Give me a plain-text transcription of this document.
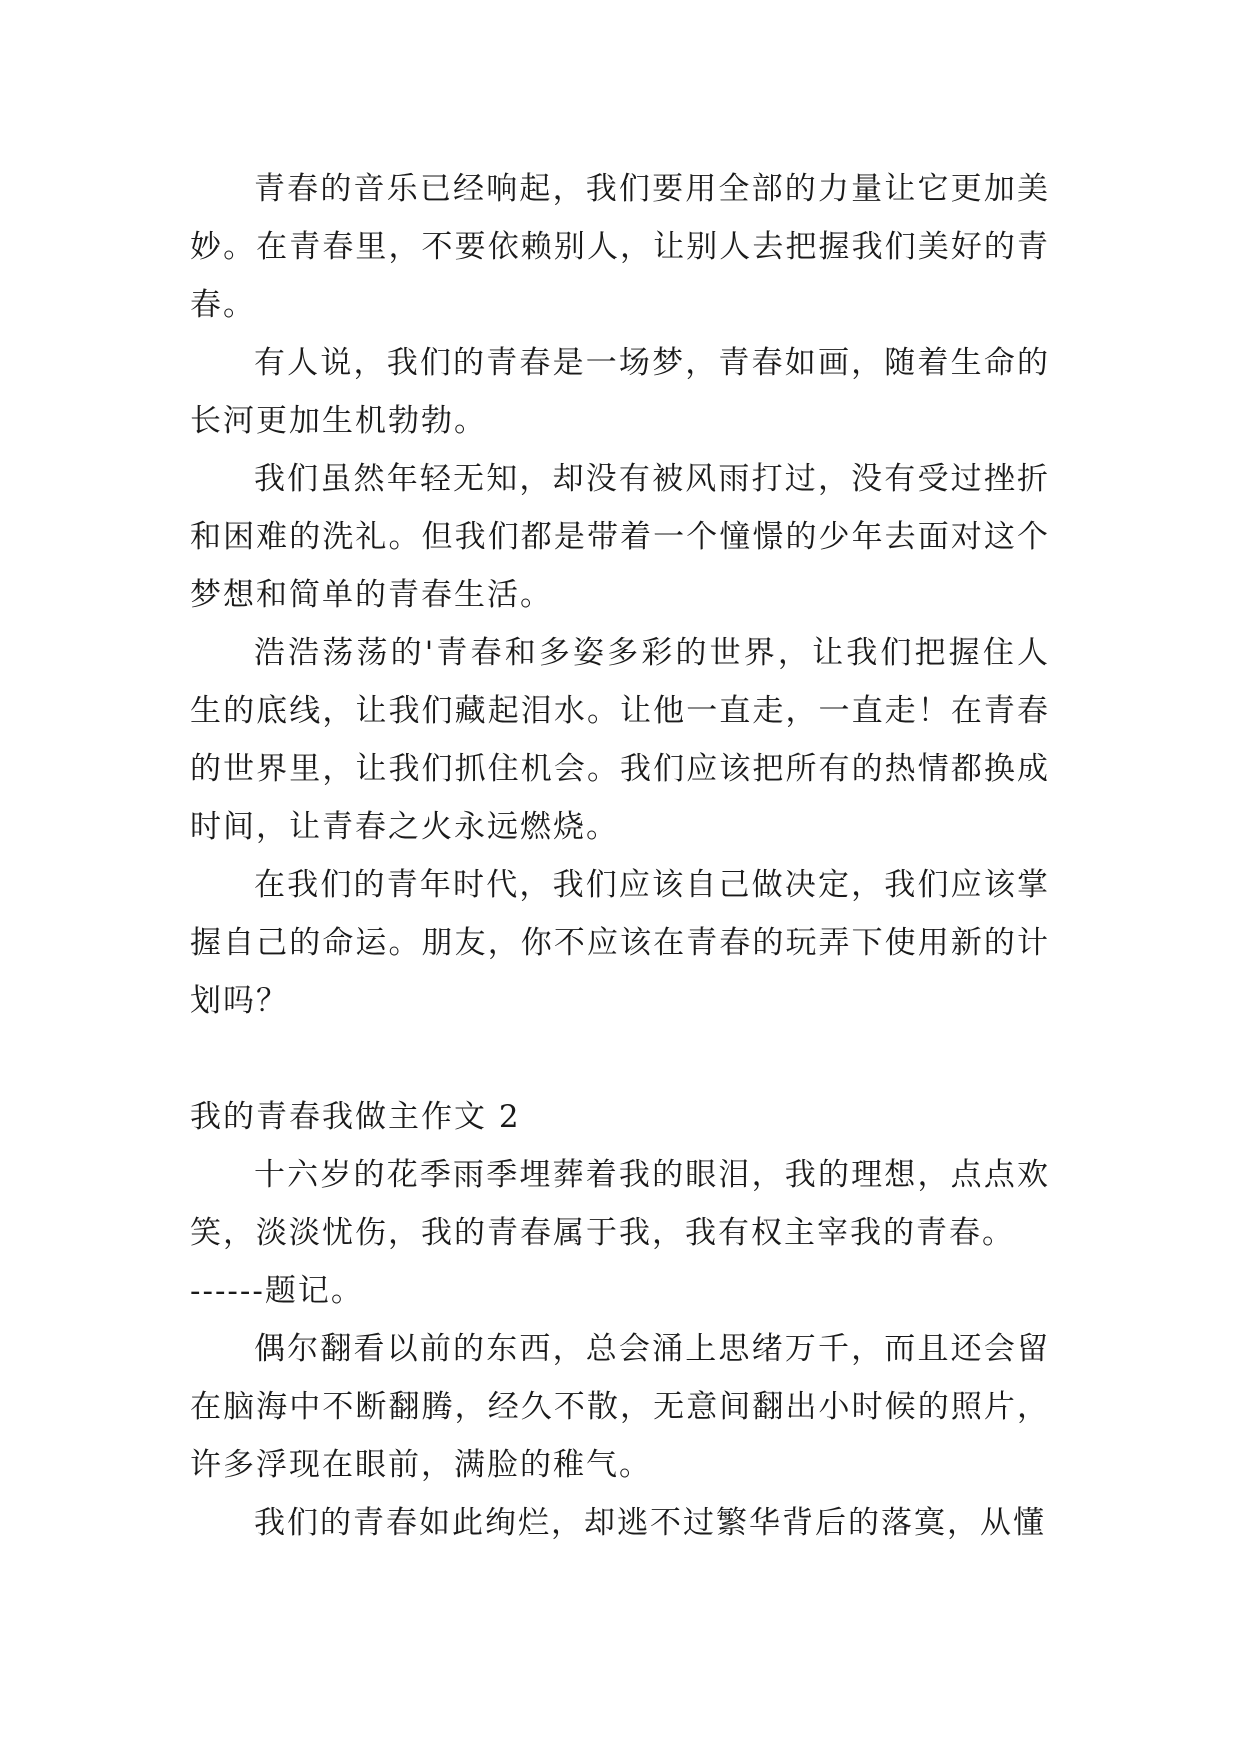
青春的音乐已经响起，我们要用全部的力量让它更加美妙。在青春里，不要依赖别人，让别人去把握我们美好的青春。

有人说，我们的青春是一场梦，青春如画，随着生命的长河更加生机勃勃。

我们虽然年轻无知，却没有被风雨打过，没有受过挫折和困难的洗礼。但我们都是带着一个憧憬的少年去面对这个梦想和简单的青春生活。

浩浩荡荡的'青春和多姿多彩的世界，让我们把握住人生的底线，让我们藏起泪水。让他一直走，一直走！在青春的世界里，让我们抓住机会。我们应该把所有的热情都换成时间，让青春之火永远燃烧。

在我们的青年时代，我们应该自己做决定，我们应该掌握自己的命运。朋友，你不应该在青春的玩弄下使用新的计划吗？

我的青春我做主作文 2

十六岁的花季雨季埋葬着我的眼泪，我的理想，点点欢笑，淡淡忧伤，我的青春属于我，我有权主宰我的青春。

------题记。

偶尔翻看以前的东西，总会涌上思绪万千，而且还会留在脑海中不断翻腾，经久不散，无意间翻出小时候的照片，许多浮现在眼前，满脸的稚气。

我们的青春如此绚烂，却逃不过繁华背后的落寞，从懂
